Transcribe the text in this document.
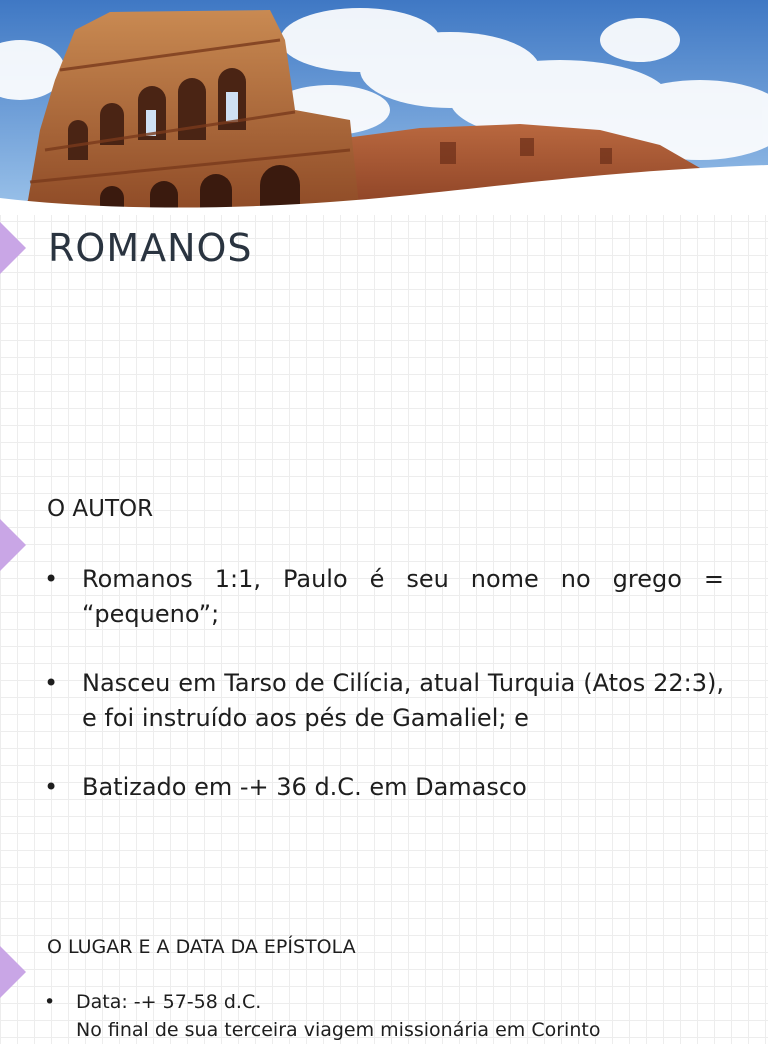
ROMANOS
O AUTOR
• Romanos 1:1, Paulo é seu nome no grego = “pequeno”;
• Nasceu em Tarso de Cilícia, atual Turquia (Atos 22:3), e foi instruído aos pés de Gamaliel; e
• Batizado em -+ 36 d.C. em Damasco
O LUGAR E A DATA DA EPÍSTOLA
• Data: -+ 57-58 d.C.
No final de sua terceira viagem missionária em Corinto
